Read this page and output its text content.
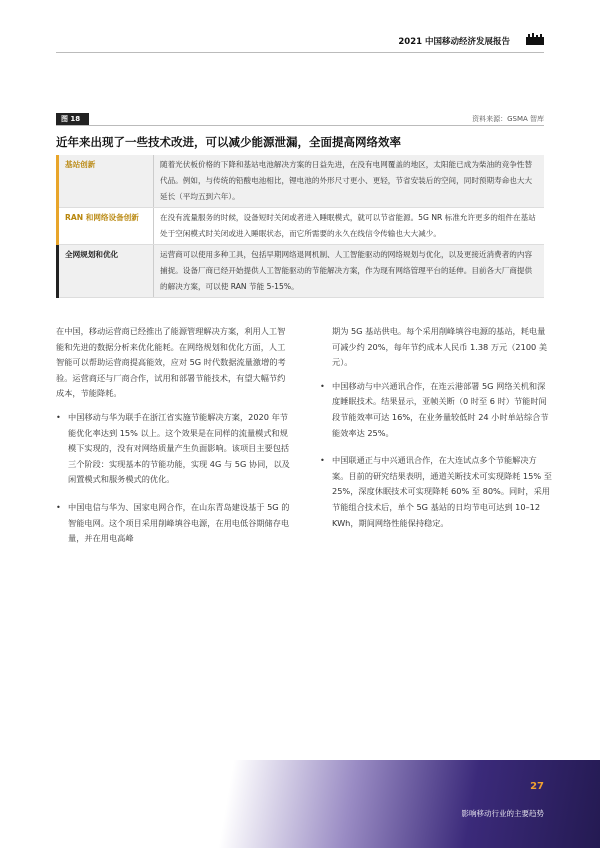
2021 中国移动经济发展报告
图 18	资料来源：GSMA 智库
近年来出现了一些技术改进，可以减少能源泄漏，全面提高网络效率
基站创新	随着光伏板价格的下降和基站电池解决方案的日益先进，在没有电网覆盖的地区，太阳能已成为柴油的竞争性替代品。例如，与传统的铅酸电池相比，锂电池的外形尺寸更小、更轻，节省安装后的空间，同时预期寿命也大大延长（平均五到六年）。
RAN 和网络设备创新	在没有流量服务的时候，设备短时关闭或者进入睡眠模式，就可以节省能源。5G NR 标准允许更多的组件在基站处于空闲模式时关闭或进入睡眠状态，而它所需要的永久在线信令传输也大大减少。
全网规划和优化	运营商可以使用多种工具，包括早期网络退网机制、人工智能驱动的网络规划与优化，以及更接近消费者的内容捕捉。设备厂商已经开始提供人工智能驱动的节能解决方案，作为现有网络管理平台的延伸。目前各大厂商提供的解决方案，可以使 RAN 节能 5-15%。

在中国，移动运营商已经推出了能源管理解决方案，利用人工智能和先进的数据分析来优化能耗。在网络规划和优化方面，人工智能可以帮助运营商提高能效，应对 5G 时代数据流量激增的考验。运营商还与厂商合作，试用和部署节能技术，有望大幅节约成本，节能降耗。

• 中国移动与华为联手在浙江省实施节能解决方案，2020 年节能优化率达到 15% 以上。这个效果是在同样的流量模式和规模下实现的，没有对网络质量产生负面影响。该项目主要包括三个阶段：实现基本的节能功能，实现 4G 与 5G 协同，以及闲置模式和服务模式的优化。
• 中国电信与华为、国家电网合作，在山东青岛建设基于 5G 的智能电网。这个项目采用削峰填谷电源，在用电低谷期储存电量，并在用电高峰

期为 5G 基站供电。每个采用削峰填谷电源的基站，耗电量可减少约 20%，每年节约成本人民币 1.38 万元（2100 美元）。

• 中国移动与中兴通讯合作，在连云港部署 5G 网络关机和深度睡眠技术。结果显示，亚帧关断（0 时至 6 时）节能时间段节能效率可达 16%，在业务量较低时 24 小时单站综合节能效率达 25%。
• 中国联通正与中兴通讯合作，在大连试点多个节能解决方案。目前的研究结果表明，通道关断技术可实现降耗 15% 至 25%，深度休眠技术可实现降耗 60% 至 80%。同时，采用节能组合技术后，单个 5G 基站的日均节电可达到 10–12 KWh，期间网络性能保持稳定。
27
影响移动行业的主要趋势
